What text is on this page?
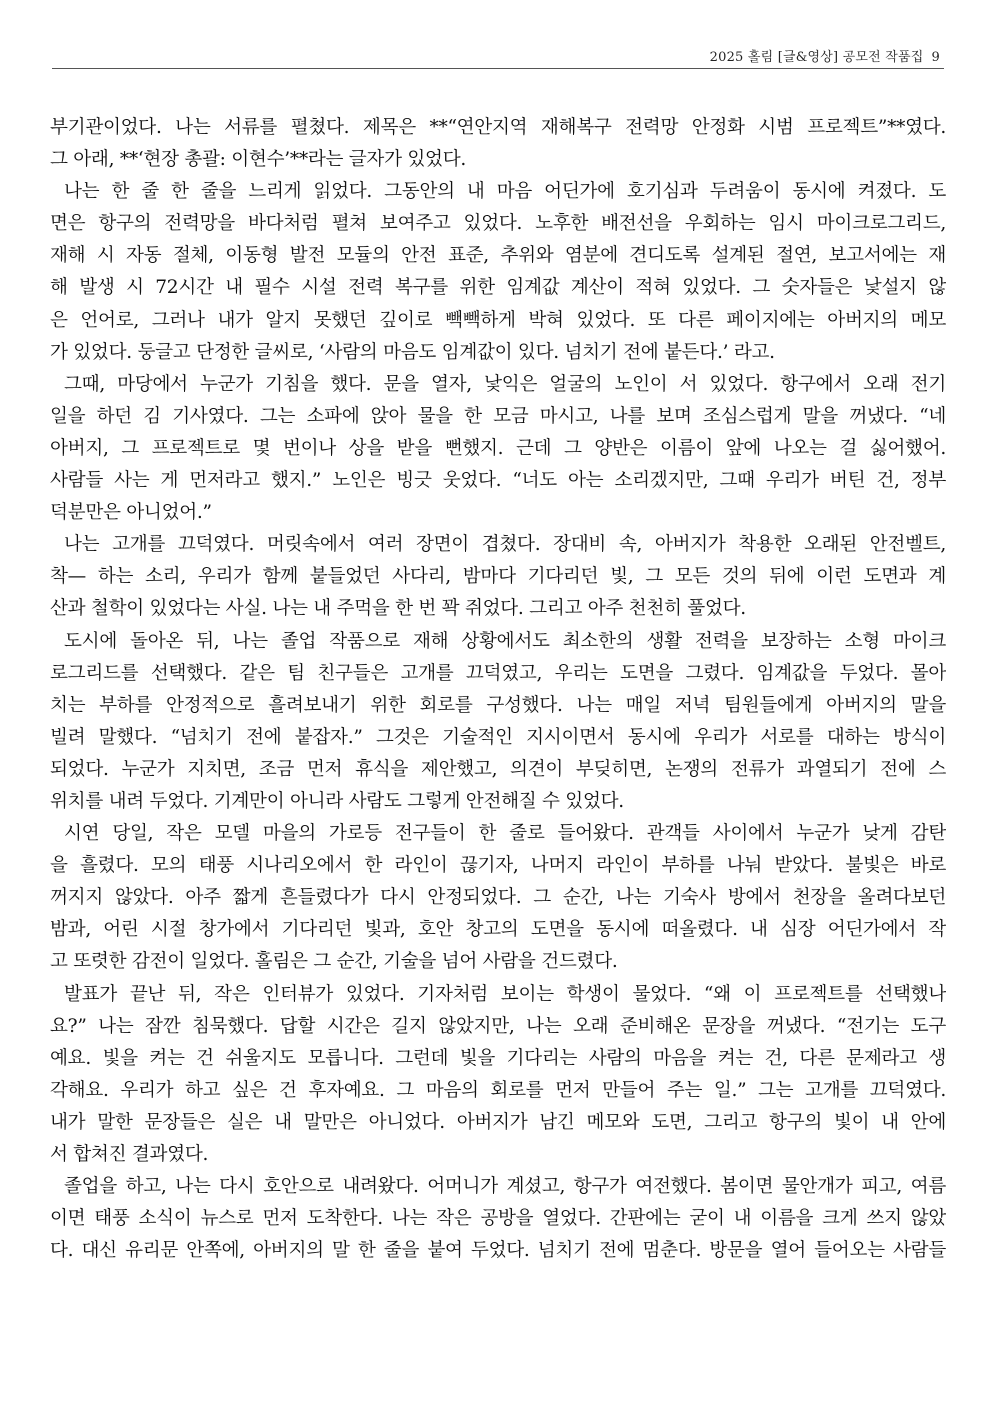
2025 홀림 [글&영상] 공모전 작품집 9
부기관이었다. 나는 서류를 펼쳤다. 제목은 **“연안지역 재해복구 전력망 안정화 시범 프로젝트”**였다.
그 아래, **‘현장 총괄: 이현수’**라는 글자가 있었다.
나는 한 줄 한 줄을 느리게 읽었다. 그동안의 내 마음 어딘가에 호기심과 두려움이 동시에 켜졌다. 도
면은 항구의 전력망을 바다처럼 펼쳐 보여주고 있었다. 노후한 배전선을 우회하는 임시 마이크로그리드,
재해 시 자동 절체, 이동형 발전 모듈의 안전 표준, 추위와 염분에 견디도록 설계된 절연, 보고서에는 재
해 발생 시 72시간 내 필수 시설 전력 복구를 위한 임계값 계산이 적혀 있었다. 그 숫자들은 낯설지 않
은 언어로, 그러나 내가 알지 못했던 깊이로 빽빽하게 박혀 있었다. 또 다른 페이지에는 아버지의 메모
가 있었다. 둥글고 단정한 글씨로, ‘사람의 마음도 임계값이 있다. 넘치기 전에 붙든다.’ 라고.
그때, 마당에서 누군가 기침을 했다. 문을 열자, 낯익은 얼굴의 노인이 서 있었다. 항구에서 오래 전기
일을 하던 김 기사였다. 그는 소파에 앉아 물을 한 모금 마시고, 나를 보며 조심스럽게 말을 꺼냈다. “네
아버지, 그 프로젝트로 몇 번이나 상을 받을 뻔했지. 근데 그 양반은 이름이 앞에 나오는 걸 싫어했어.
사람들 사는 게 먼저라고 했지.” 노인은 빙긋 웃었다. “너도 아는 소리겠지만, 그때 우리가 버틴 건, 정부
덕분만은 아니었어.”
나는 고개를 끄덕였다. 머릿속에서 여러 장면이 겹쳤다. 장대비 속, 아버지가 착용한 오래된 안전벨트,
착— 하는 소리, 우리가 함께 붙들었던 사다리, 밤마다 기다리던 빛, 그 모든 것의 뒤에 이런 도면과 계
산과 철학이 있었다는 사실. 나는 내 주먹을 한 번 꽉 쥐었다. 그리고 아주 천천히 풀었다.
도시에 돌아온 뒤, 나는 졸업 작품으로 재해 상황에서도 최소한의 생활 전력을 보장하는 소형 마이크
로그리드를 선택했다. 같은 팀 친구들은 고개를 끄덕였고, 우리는 도면을 그렸다. 임계값을 두었다. 몰아
치는 부하를 안정적으로 흘려보내기 위한 회로를 구성했다. 나는 매일 저녁 팀원들에게 아버지의 말을
빌려 말했다. “넘치기 전에 붙잡자.” 그것은 기술적인 지시이면서 동시에 우리가 서로를 대하는 방식이
되었다. 누군가 지치면, 조금 먼저 휴식을 제안했고, 의견이 부딪히면, 논쟁의 전류가 과열되기 전에 스
위치를 내려 두었다. 기계만이 아니라 사람도 그렇게 안전해질 수 있었다.
시연 당일, 작은 모델 마을의 가로등 전구들이 한 줄로 들어왔다. 관객들 사이에서 누군가 낮게 감탄
을 흘렸다. 모의 태풍 시나리오에서 한 라인이 끊기자, 나머지 라인이 부하를 나눠 받았다. 불빛은 바로
꺼지지 않았다. 아주 짧게 흔들렸다가 다시 안정되었다. 그 순간, 나는 기숙사 방에서 천장을 올려다보던
밤과, 어린 시절 창가에서 기다리던 빛과, 호안 창고의 도면을 동시에 떠올렸다. 내 심장 어딘가에서 작
고 또렷한 감전이 일었다. 홀림은 그 순간, 기술을 넘어 사람을 건드렸다.
발표가 끝난 뒤, 작은 인터뷰가 있었다. 기자처럼 보이는 학생이 물었다. “왜 이 프로젝트를 선택했나
요?” 나는 잠깐 침묵했다. 답할 시간은 길지 않았지만, 나는 오래 준비해온 문장을 꺼냈다. “전기는 도구
예요. 빛을 켜는 건 쉬울지도 모릅니다. 그런데 빛을 기다리는 사람의 마음을 켜는 건, 다른 문제라고 생
각해요. 우리가 하고 싶은 건 후자예요. 그 마음의 회로를 먼저 만들어 주는 일.” 그는 고개를 끄덕였다.
내가 말한 문장들은 실은 내 말만은 아니었다. 아버지가 남긴 메모와 도면, 그리고 항구의 빛이 내 안에
서 합쳐진 결과였다.
졸업을 하고, 나는 다시 호안으로 내려왔다. 어머니가 계셨고, 항구가 여전했다. 봄이면 물안개가 피고, 여름
이면 태풍 소식이 뉴스로 먼저 도착한다. 나는 작은 공방을 열었다. 간판에는 굳이 내 이름을 크게 쓰지 않았
다. 대신 유리문 안쪽에, 아버지의 말 한 줄을 붙여 두었다. 넘치기 전에 멈춘다. 방문을 열어 들어오는 사람들
